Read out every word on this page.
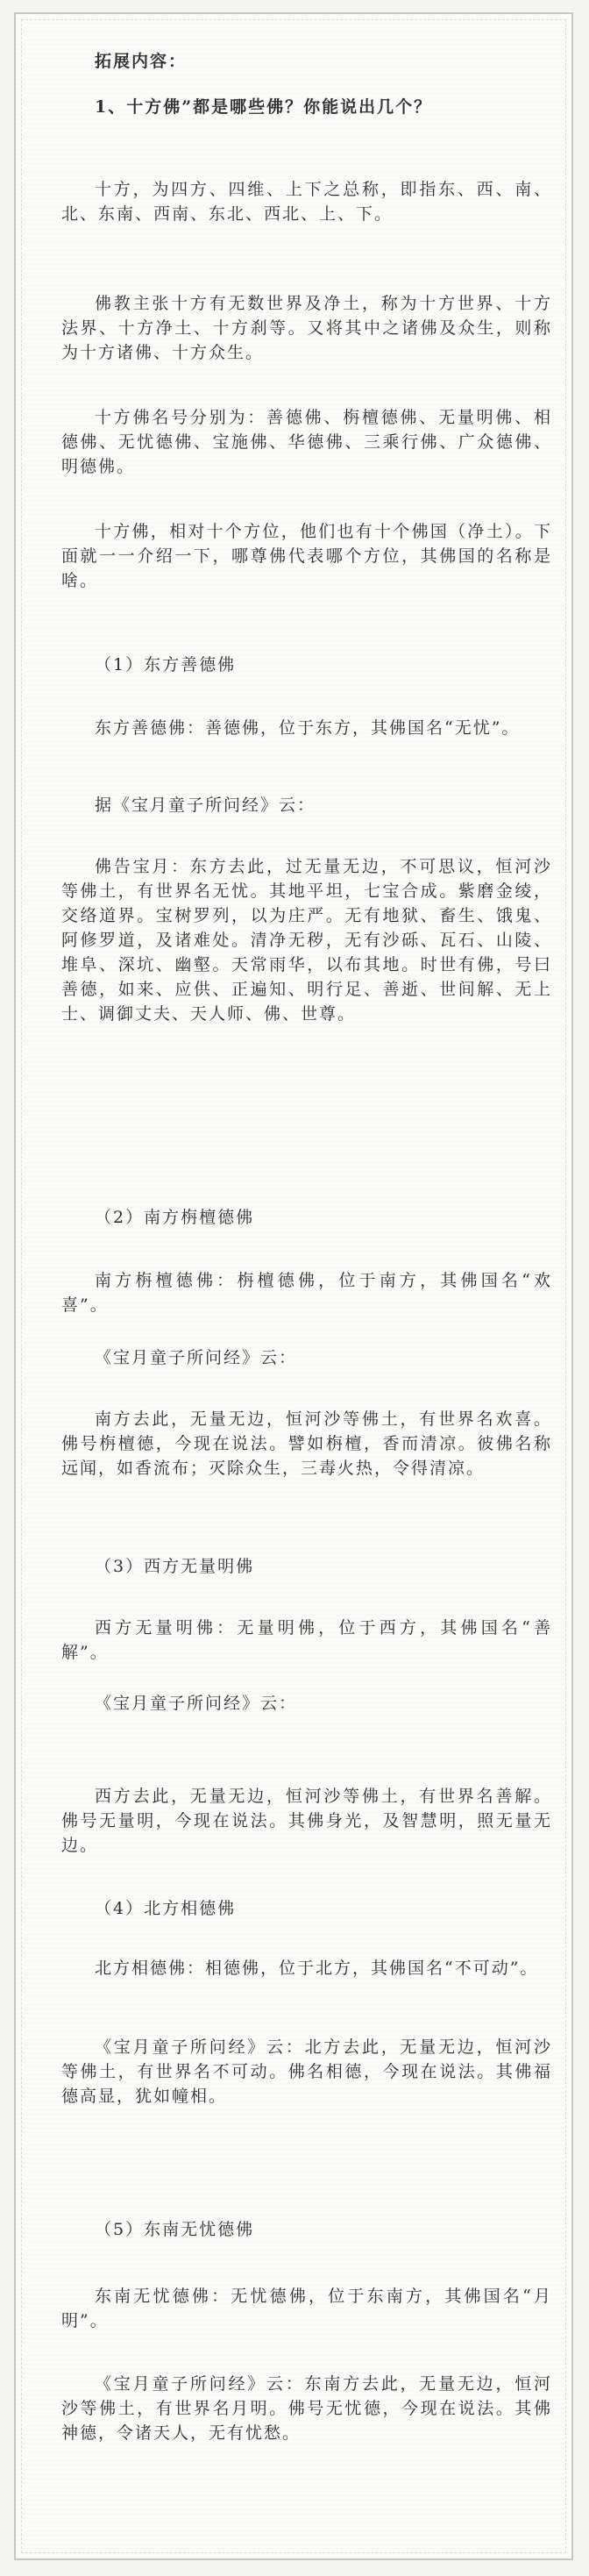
拓展内容：

1、十方佛”都是哪些佛？你能说出几个？

十方，为四方、四维、上下之总称，即指东、西、南、北、东南、西南、东北、西北、上、下。

佛教主张十方有无数世界及净土，称为十方世界、十方法界、十方净土、十方刹等。又将其中之诸佛及众生，则称为十方诸佛、十方众生。

十方佛名号分别为：善德佛、栴檀德佛、无量明佛、相德佛、无忧德佛、宝施佛、华德佛、三乘行佛、广众德佛、明德佛。

十方佛，相对十个方位，他们也有十个佛国（净土）。下面就一一介绍一下，哪尊佛代表哪个方位，其佛国的名称是啥。

（1）东方善德佛

东方善德佛：善德佛，位于东方，其佛国名“无忧”。

据《宝月童子所问经》云：

佛告宝月：东方去此，过无量无边，不可思议，恒河沙等佛土，有世界名无忧。其地平坦，七宝合成。紫磨金绫，交络道界。宝树罗列，以为庄严。无有地狱、畜生、饿鬼、阿修罗道，及诸难处。清净无秽，无有沙砾、瓦石、山陵、堆阜、深坑、幽壑。天常雨华，以布其地。时世有佛，号曰善德，如来、应供、正遍知、明行足、善逝、世间解、无上士、调御丈夫、天人师、佛、世尊。

（2）南方栴檀德佛

南方栴檀德佛：栴檀德佛，位于南方，其佛国名“欢喜”。

《宝月童子所问经》云：

南方去此，无量无边，恒河沙等佛土，有世界名欢喜。佛号栴檀德，今现在说法。譬如栴檀，香而清凉。彼佛名称远闻，如香流布；灭除众生，三毒火热，令得清凉。

（3）西方无量明佛

西方无量明佛：无量明佛，位于西方，其佛国名“善解”。

《宝月童子所问经》云：

西方去此，无量无边，恒河沙等佛土，有世界名善解。佛号无量明，今现在说法。其佛身光，及智慧明，照无量无边。

（4）北方相德佛

北方相德佛：相德佛，位于北方，其佛国名“不可动”。

《宝月童子所问经》云：北方去此，无量无边，恒河沙等佛土，有世界名不可动。佛名相德，今现在说法。其佛福德高显，犹如幢相。

（5）东南无忧德佛

东南无忧德佛：无忧德佛，位于东南方，其佛国名“月明”。

《宝月童子所问经》云：东南方去此，无量无边，恒河沙等佛土，有世界名月明。佛号无忧德，今现在说法。其佛神德，令诸天人，无有忧愁。
